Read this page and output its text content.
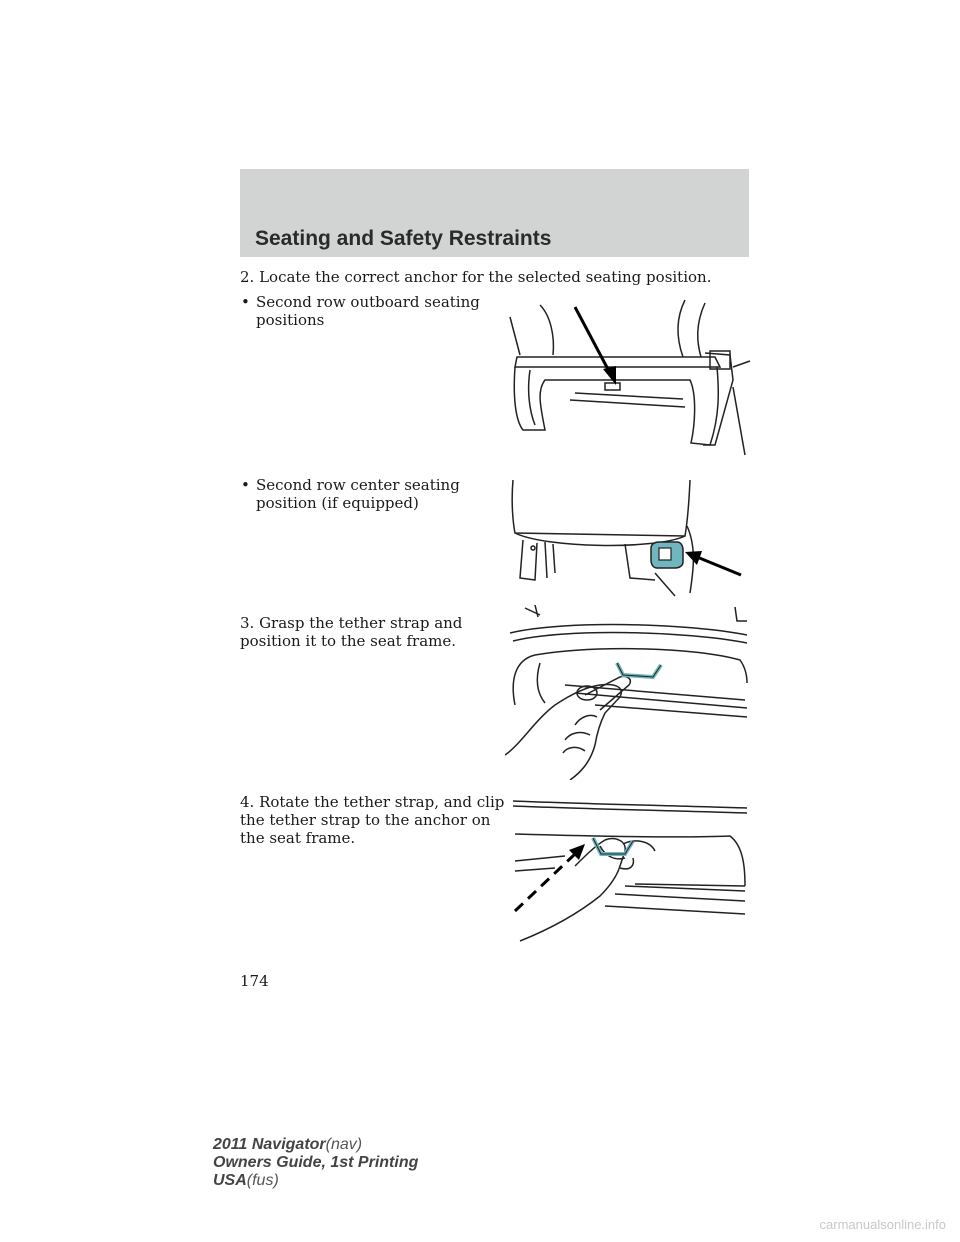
Seating and Safety Restraints
2. Locate the correct anchor for the selected seating position.
• Second row outboard seating
positions
• Second row center seating
position (if equipped)
3. Grasp the tether strap and
position it to the seat frame.
4. Rotate the tether strap, and clip
the tether strap to the anchor on
the seat frame.
174
2011 Navigator(nav)
Owners Guide, 1st Printing
USA(fus)
carmanualsonline.info
